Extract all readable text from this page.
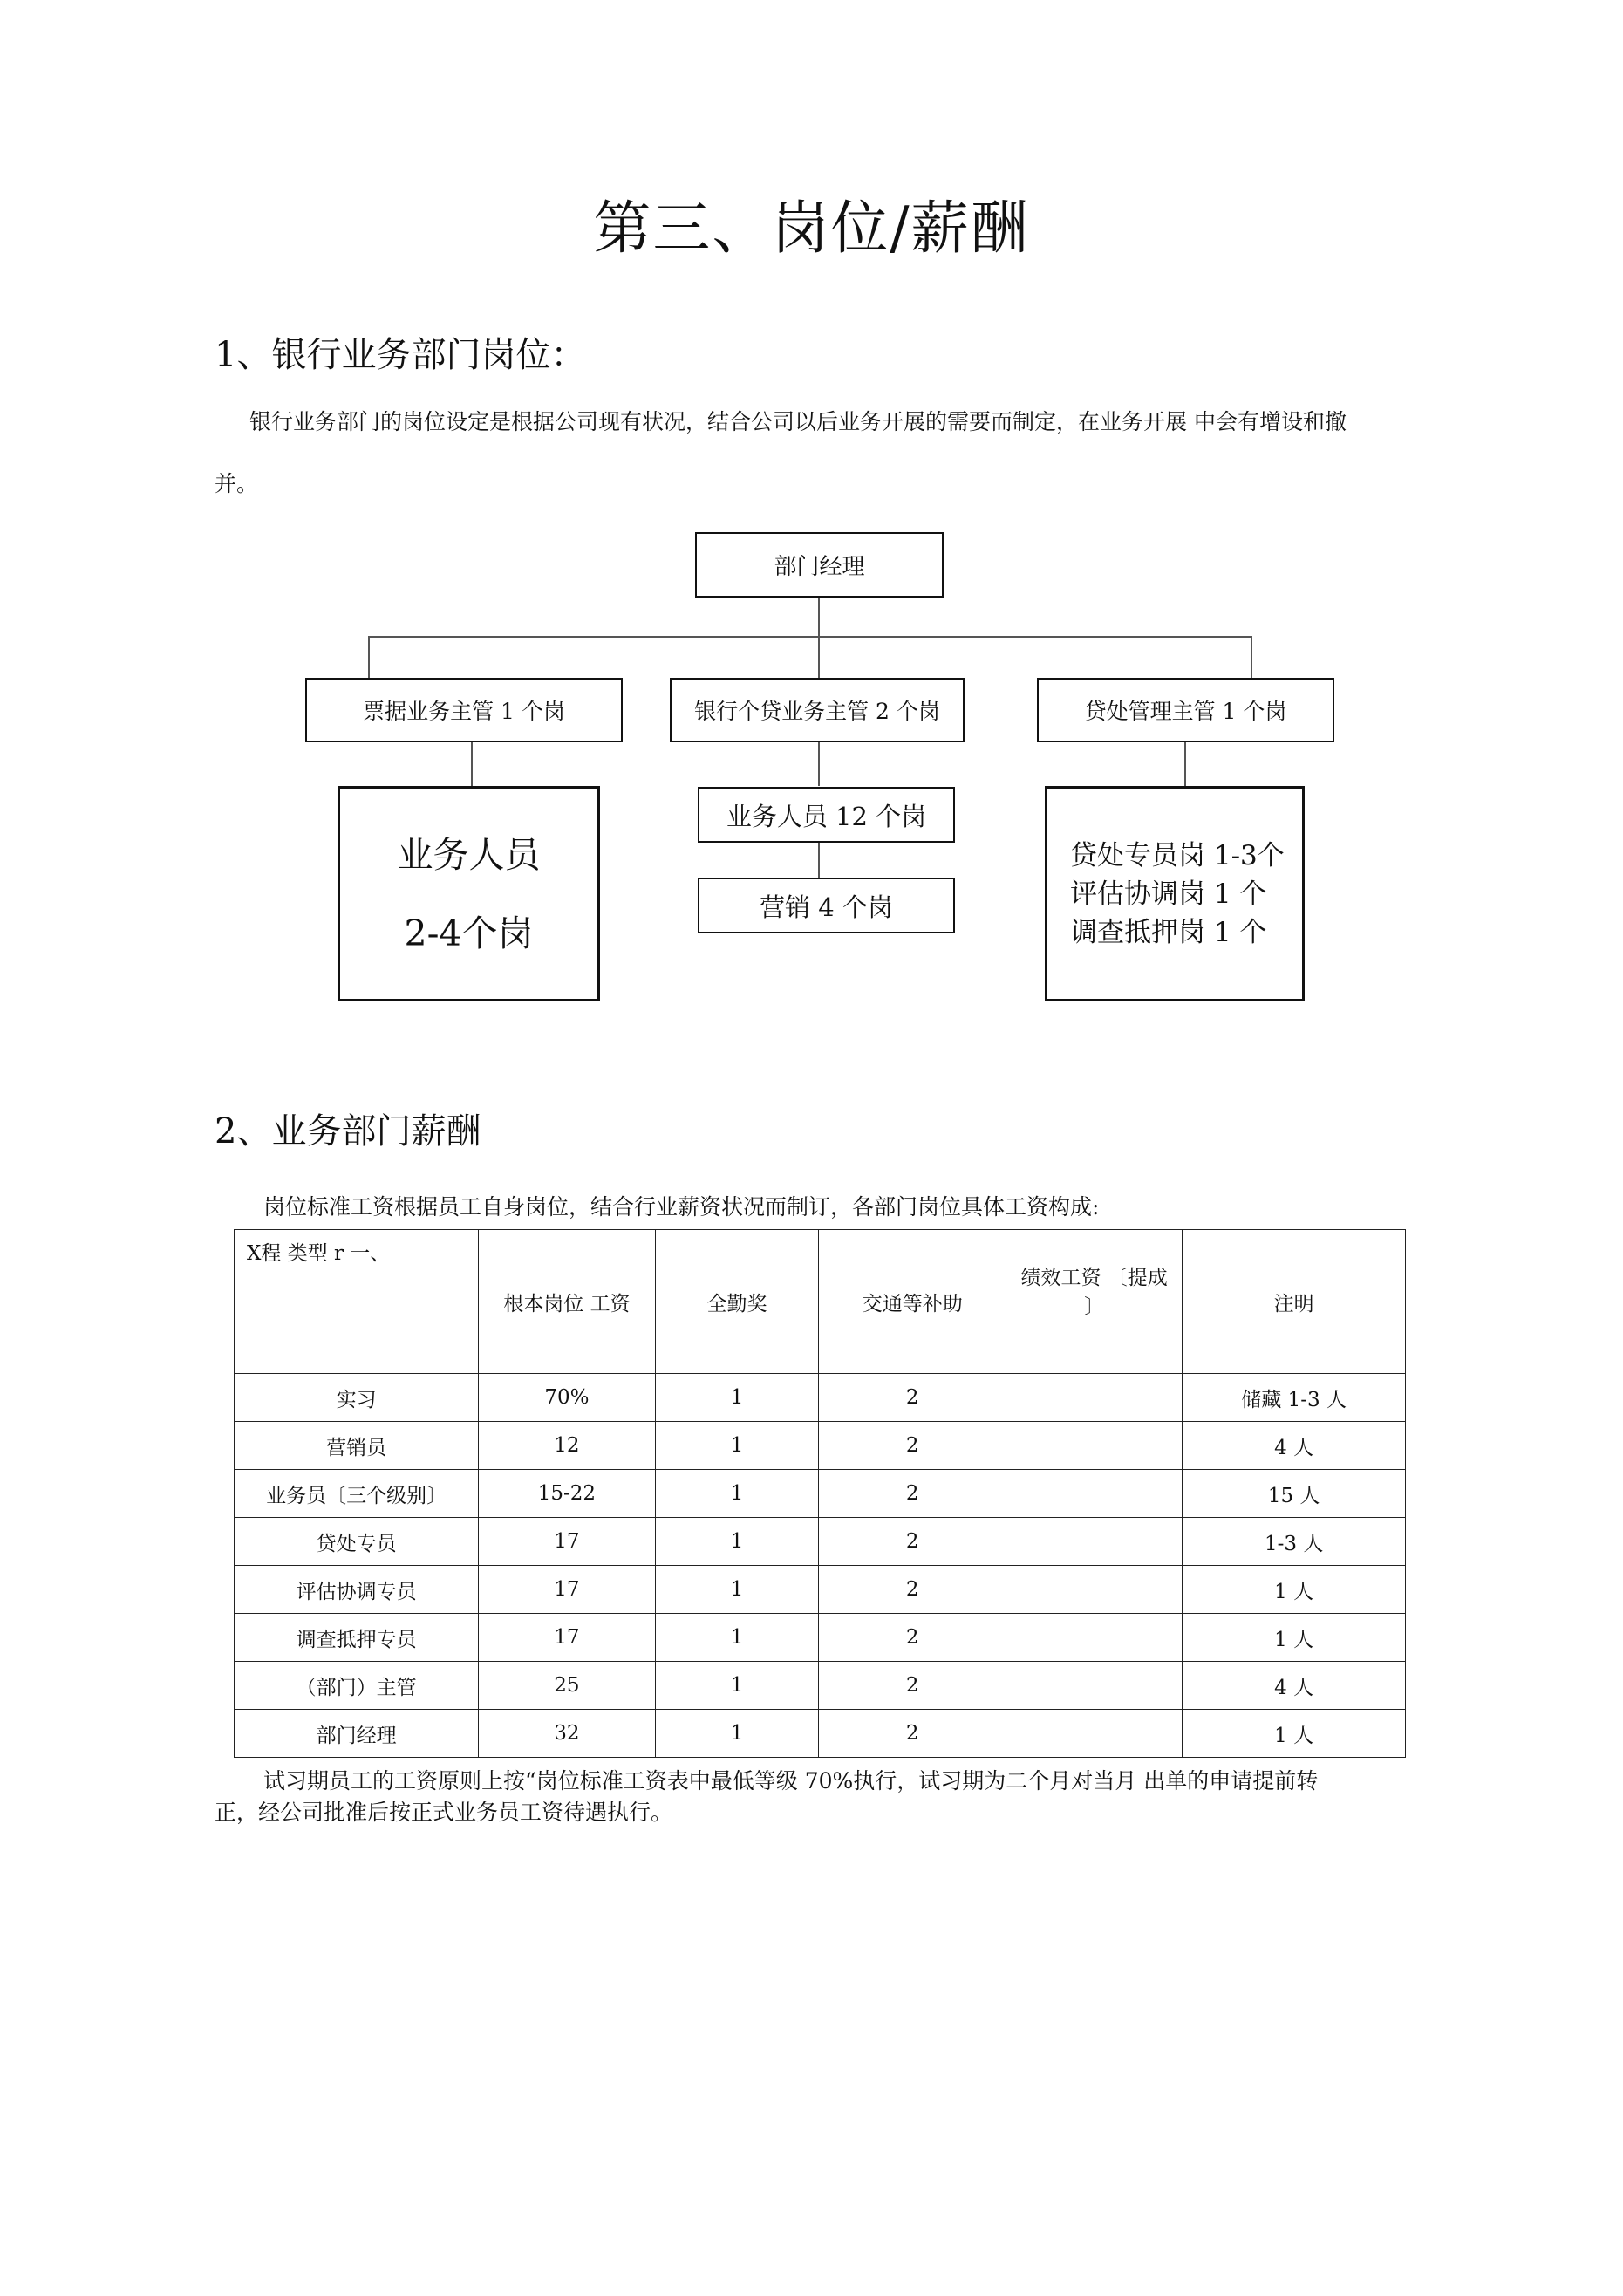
第三、岗位/薪酬
1、银行业务部门岗位：
银行业务部门的岗位设定是根据公司现有状况，结合公司以后业务开展的需要而制定，在业务开展 中会有增设和撤
并。
部门经理
票据业务主管 1 个岗	银行个贷业务主管 2 个岗	贷处管理主管 1 个岗
业务人员
2-4个岗
业务人员 12 个岗
营销 4 个岗
贷处专员岗 1-3个
评估协调岗 1 个
调查抵押岗 1 个
2、业务部门薪酬
岗位标准工资根据员工自身岗位，结合行业薪资状况而制订，各部门岗位具体工资构成:
X程 类型 r 一、	根本岗位 工资	全勤奖	交通等补助	绩效工资 〔提成
〕	注明
实习	70%	1	2		储藏 1-3 人
营销员	12	1	2		4 人
业务员〔三个级别〕	15-22	1	2		15 人
贷处专员	17	1	2		1-3 人
评估协调专员	17	1	2		1 人
调查抵押专员	17	1	2		1 人
（部门）主管	25	1	2		4 人
部门经理	32	1	2		1 人
试习期员工的工资原则上按“岗位标准工资表中最低等级 70%执行，试习期为二个月对当月 出单的申请提前转
正，经公司批准后按正式业务员工资待遇执行。
